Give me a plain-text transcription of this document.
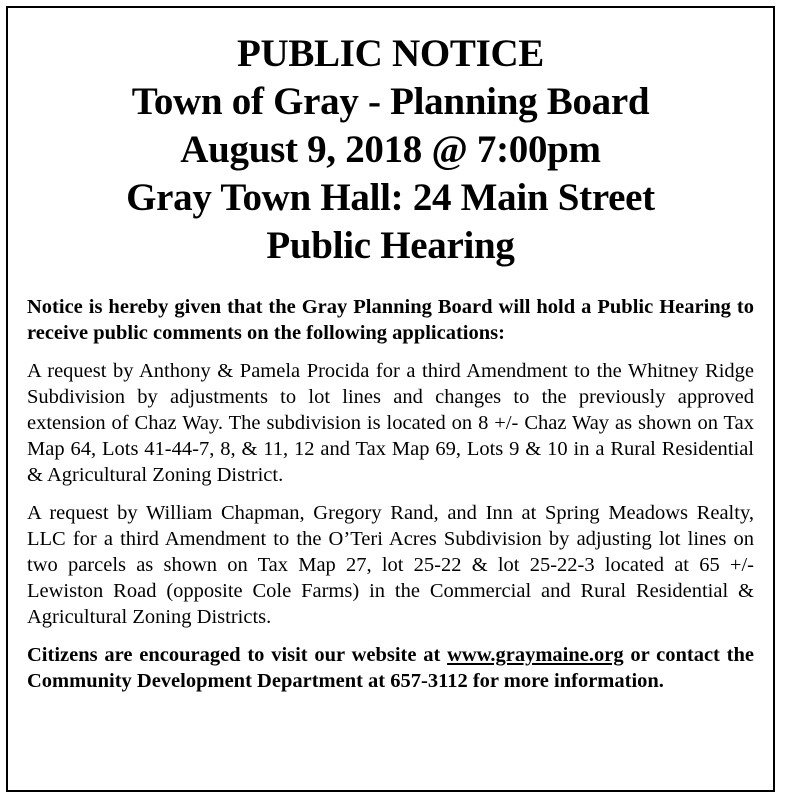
PUBLIC NOTICE
Town of Gray - Planning Board
August 9, 2018 @ 7:00pm
Gray Town Hall: 24 Main Street
Public Hearing

Notice is hereby given that the Gray Planning Board will hold a Public Hearing to receive public comments on the following applications:

A request by Anthony & Pamela Procida for a third Amendment to the Whitney Ridge Subdivision by adjustments to lot lines and changes to the previously approved extension of Chaz Way. The subdivision is located on 8 +/- Chaz Way as shown on Tax Map 64, Lots 41-44-7, 8, & 11, 12 and Tax Map 69, Lots 9 & 10 in a Rural Residential & Agricultural Zoning District.

A request by William Chapman, Gregory Rand, and Inn at Spring Meadows Realty, LLC for a third Amendment to the O’Teri Acres Subdivision by adjusting lot lines on two parcels as shown on Tax Map 27, lot 25-22 & lot 25-22-3 located at 65 +/- Lewiston Road (opposite Cole Farms) in the Commercial and Rural Residential & Agricultural Zoning Districts.

Citizens are encouraged to visit our website at www.graymaine.org or contact the Community Development Department at 657-3112 for more information.
